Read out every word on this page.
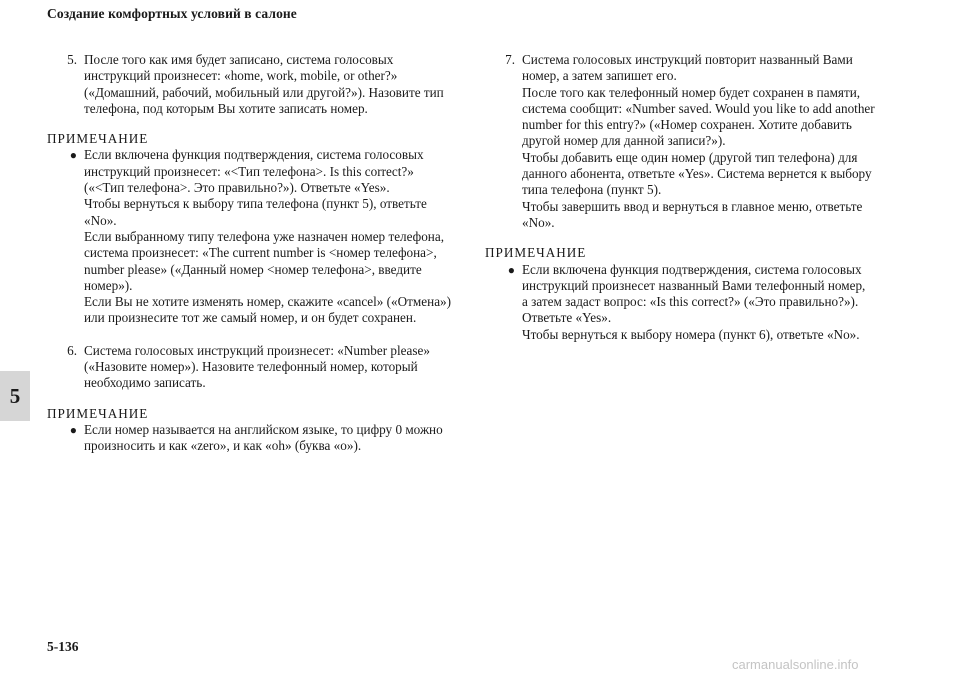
Создание комфортных условий в салоне
5
5. После того как имя будет записано, система голосовых
инструкций произнесет: «home, work, mobile, or other?»
(«Домашний, рабочий, мобильный или другой?»). Назовите тип
телефона, под которым Вы хотите записать номер.
ПРИМЕЧАНИЕ
● Если включена функция подтверждения, система голосовых
инструкций произнесет: «<Тип телефона>. Is this correct?»
(«<Тип телефона>. Это правильно?»). Ответьте «Yes».
Чтобы вернуться к выбору типа телефона (пункт 5), ответьте
«No».
Если выбранному типу телефона уже назначен номер телефона,
система произнесет: «The current number is <номер телефона>,
number please» («Данный номер <номер телефона>, введите
номер»).
Если Вы не хотите изменять номер, скажите «cancel» («Отмена»)
или произнесите тот же самый номер, и он будет сохранен.
6. Система голосовых инструкций произнесет: «Number please»
(«Назовите номер»). Назовите телефонный номер, который
необходимо записать.
ПРИМЕЧАНИЕ
● Если номер называется на английском языке, то цифру 0 можно
произносить и как «zero», и как «oh» (буква «o»).
7. Система голосовых инструкций повторит названный Вами
номер, а затем запишет его.
После того как телефонный номер будет сохранен в памяти,
система сообщит: «Number saved. Would you like to add another
number for this entry?» («Номер сохранен. Хотите добавить
другой номер для данной записи?»).
Чтобы добавить еще один номер (другой тип телефона) для
данного абонента, ответьте «Yes». Система вернется к выбору
типа телефона (пункт 5).
Чтобы завершить ввод и вернуться в главное меню, ответьте
«No».
ПРИМЕЧАНИЕ
● Если включена функция подтверждения, система голосовых
инструкций произнесет названный Вами телефонный номер,
а затем задаст вопрос: «Is this correct?» («Это правильно?»).
Ответьте «Yes».
Чтобы вернуться к выбору номера (пункт 6), ответьте «No».
5-136
carmanualsonline.info
